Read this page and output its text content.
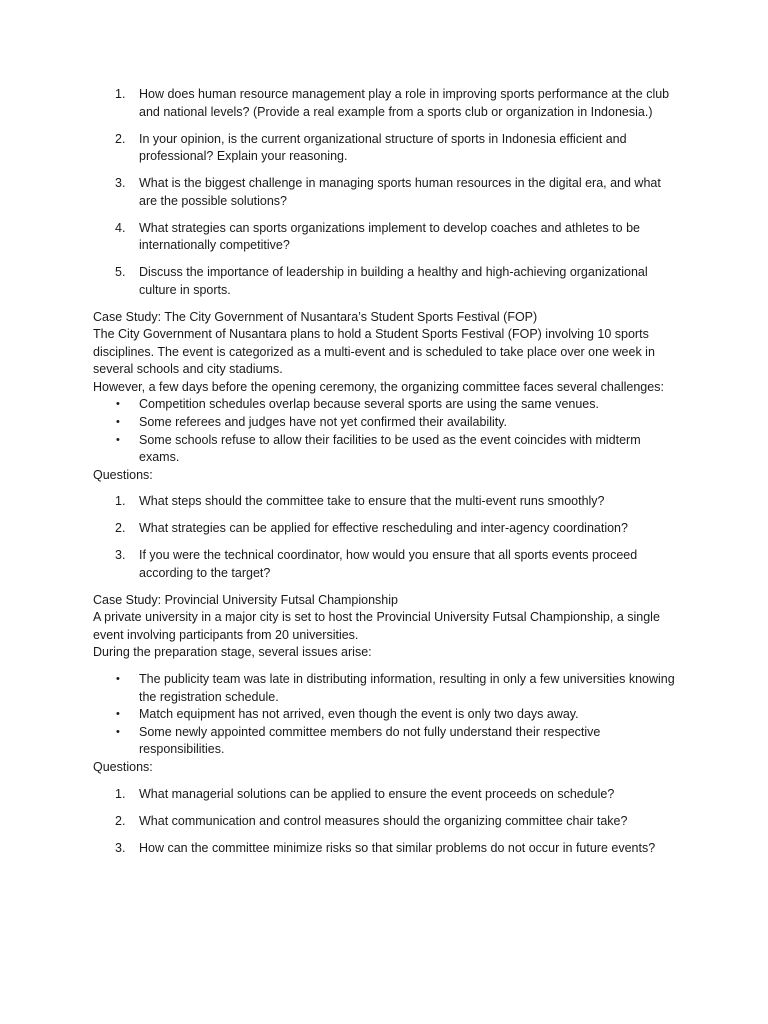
1. How does human resource management play a role in improving sports performance at the club and national levels? (Provide a real example from a sports club or organization in Indonesia.)
2. In your opinion, is the current organizational structure of sports in Indonesia efficient and professional? Explain your reasoning.
3. What is the biggest challenge in managing sports human resources in the digital era, and what are the possible solutions?
4. What strategies can sports organizations implement to develop coaches and athletes to be internationally competitive?
5. Discuss the importance of leadership in building a healthy and high-achieving organizational culture in sports.

Case Study: The City Government of Nusantara’s Student Sports Festival (FOP)

The City Government of Nusantara plans to hold a Student Sports Festival (FOP) involving 10 sports disciplines. The event is categorized as a multi-event and is scheduled to take place over one week in several schools and city stadiums.

However, a few days before the opening ceremony, the organizing committee faces several challenges:

• Competition schedules overlap because several sports are using the same venues.
• Some referees and judges have not yet confirmed their availability.
• Some schools refuse to allow their facilities to be used as the event coincides with midterm exams.

Questions:

1. What steps should the committee take to ensure that the multi-event runs smoothly?
2. What strategies can be applied for effective rescheduling and inter-agency coordination?
3. If you were the technical coordinator, how would you ensure that all sports events proceed according to the target?

Case Study: Provincial University Futsal Championship

A private university in a major city is set to host the Provincial University Futsal Championship, a single event involving participants from 20 universities.

During the preparation stage, several issues arise:

• The publicity team was late in distributing information, resulting in only a few universities knowing the registration schedule.
• Match equipment has not arrived, even though the event is only two days away.
• Some newly appointed committee members do not fully understand their respective responsibilities.

Questions:

1. What managerial solutions can be applied to ensure the event proceeds on schedule?
2. What communication and control measures should the organizing committee chair take?
3. How can the committee minimize risks so that similar problems do not occur in future events?
